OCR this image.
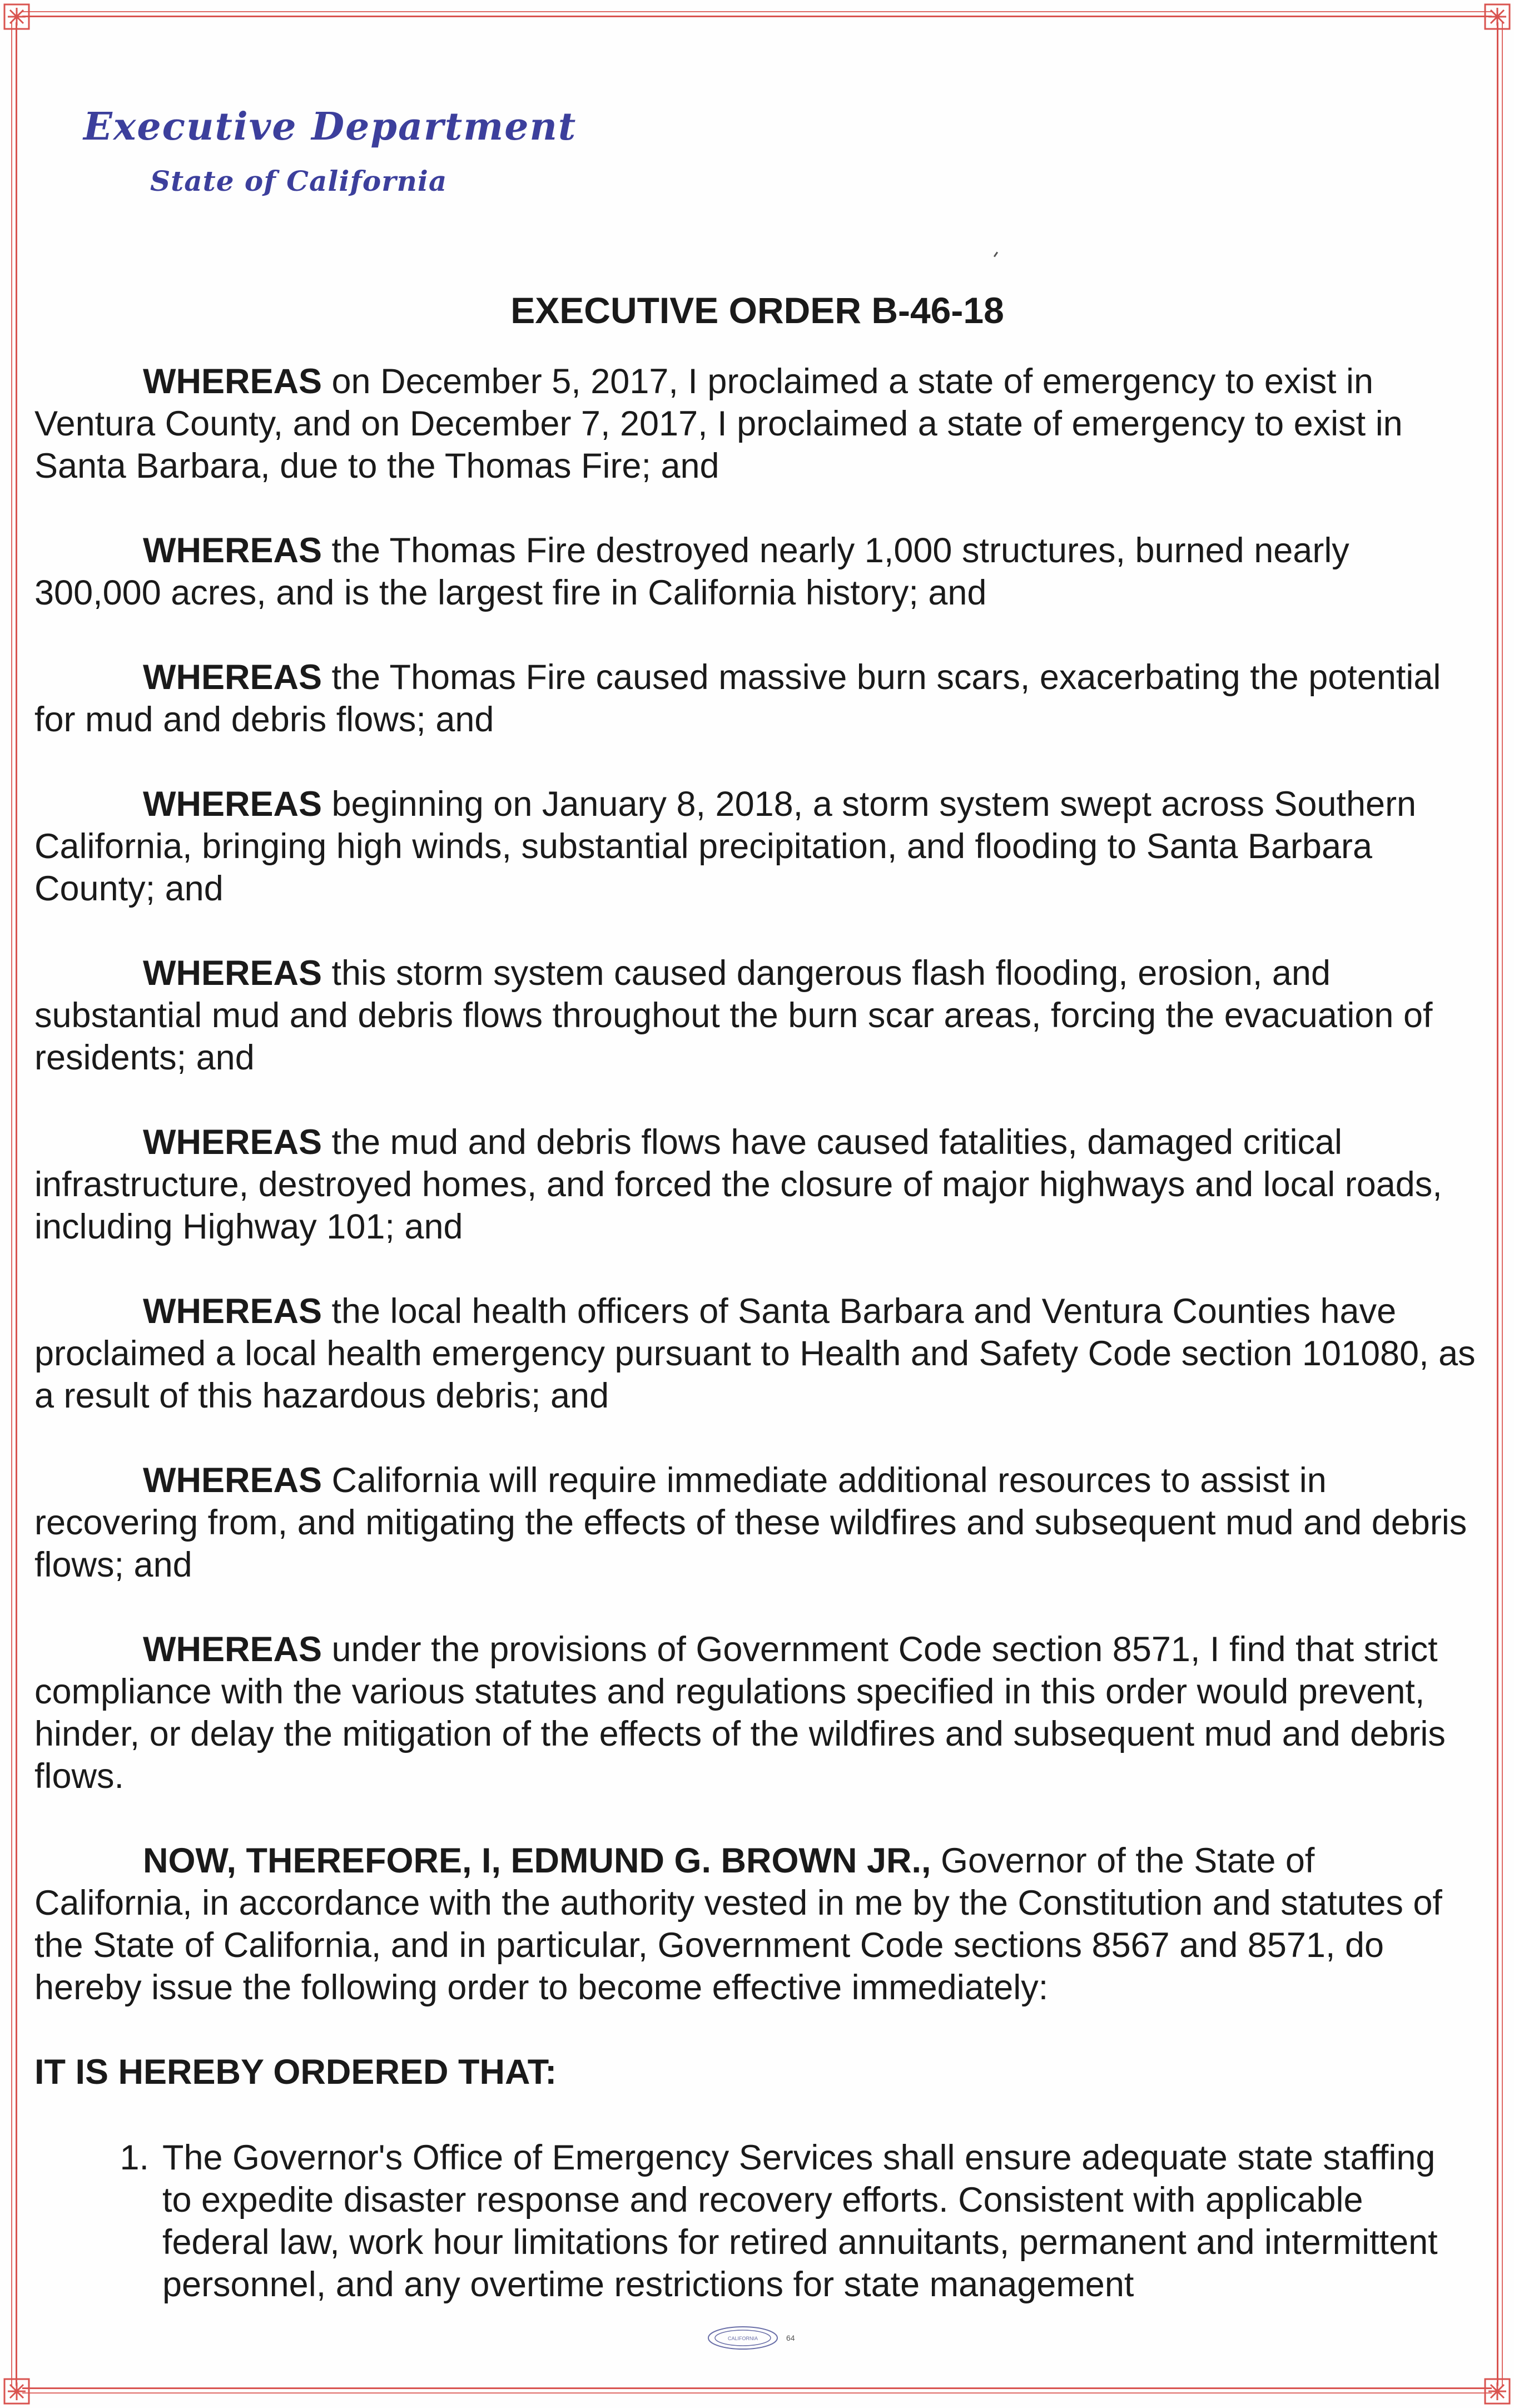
Executive Department
State of California
EXECUTIVE ORDER B-46-18
WHEREAS on December 5, 2017, I proclaimed a state of emergency to exist in Ventura County, and on December 7, 2017, I proclaimed a state of emergency to exist in Santa Barbara, due to the Thomas Fire; and
WHEREAS the Thomas Fire destroyed nearly 1,000 structures, burned nearly 300,000 acres, and is the largest fire in California history; and
WHEREAS the Thomas Fire caused massive burn scars, exacerbating the potential for mud and debris flows; and
WHEREAS beginning on January 8, 2018, a storm system swept across Southern California, bringing high winds, substantial precipitation, and flooding to Santa Barbara County; and
WHEREAS this storm system caused dangerous flash flooding, erosion, and substantial mud and debris flows throughout the burn scar areas, forcing the evacuation of residents; and
WHEREAS the mud and debris flows have caused fatalities, damaged critical infrastructure, destroyed homes, and forced the closure of major highways and local roads, including Highway 101; and
WHEREAS the local health officers of Santa Barbara and Ventura Counties have proclaimed a local health emergency pursuant to Health and Safety Code section 101080, as a result of this hazardous debris; and
WHEREAS California will require immediate additional resources to assist in recovering from, and mitigating the effects of these wildfires and subsequent mud and debris flows; and
WHEREAS under the provisions of Government Code section 8571, I find that strict compliance with the various statutes and regulations specified in this order would prevent, hinder, or delay the mitigation of the effects of the wildfires and subsequent mud and debris flows.
NOW, THEREFORE, I, EDMUND G. BROWN JR., Governor of the State of California, in accordance with the authority vested in me by the Constitution and statutes of the State of California, and in particular, Government Code sections 8567 and 8571, do hereby issue the following order to become effective immediately:
IT IS HEREBY ORDERED THAT:
1. The Governor's Office of Emergency Services shall ensure adequate state staffing to expedite disaster response and recovery efforts. Consistent with applicable federal law, work hour limitations for retired annuitants, permanent and intermittent personnel, and any overtime restrictions for state management
CALIFORNIA	64
